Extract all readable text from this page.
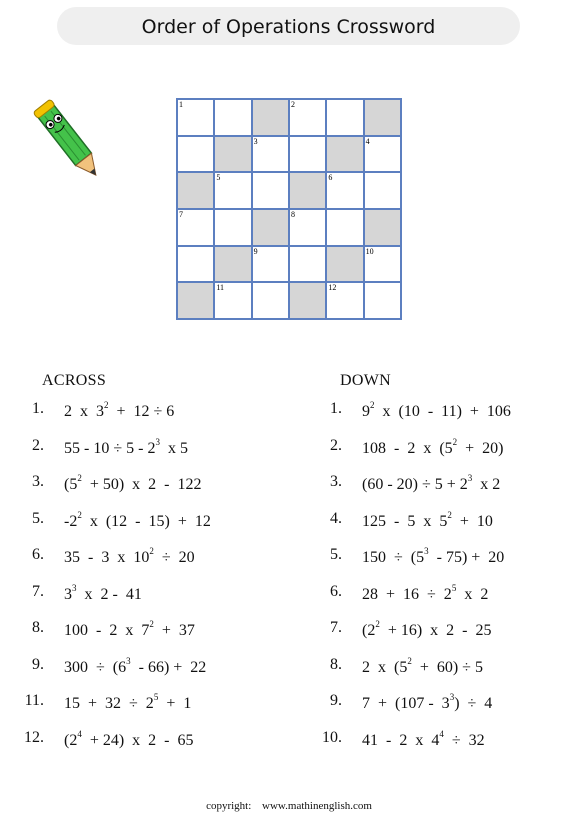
Order of Operations Crossword
1	2
3	4
5	6
7	8
9	10
11	12
ACROSS	DOWN
1. 2  x  $3^2 + 12 \div 6$
2. $55 - 10 \div 5 - 2^3$  x 5
3. $(5^2 + 50)$  x  2  -  122
5. $-2^2$  x  (12  -  15)  +  12
6. 35  -  3  x  $10^2 \div 20$
7. $3^3$  x  2 -  41
8. 100  -  2  x  $7^2 + 37$
9. $300 \div (6^3 - 66) + 22$
11. $15 + 32 \div 2^5 + 1$
12. $(2^4 + 24)$  x  2  -  65
1. $9^2$  x  (10  -  11)  +  106
2. 108  -  2  x  $(5^2 + 20)$
3. $(60 - 20) \div 5 + 2^3$  x 2
4. 125  -  5  x  $5^2 + 10$
5. $150 \div (5^3 - 75) + 20$
6. $28 + 16 \div 2^5$  x  2
7. $(2^2 + 16)$  x  2  -  25
8. 2  x  $(5^2 + 60) \div 5$
9. $7 + (107 - 3^3) \div 4$
10. 41  -  2  x  $4^4 \div 32$
copyright: www.mathinenglish.com
